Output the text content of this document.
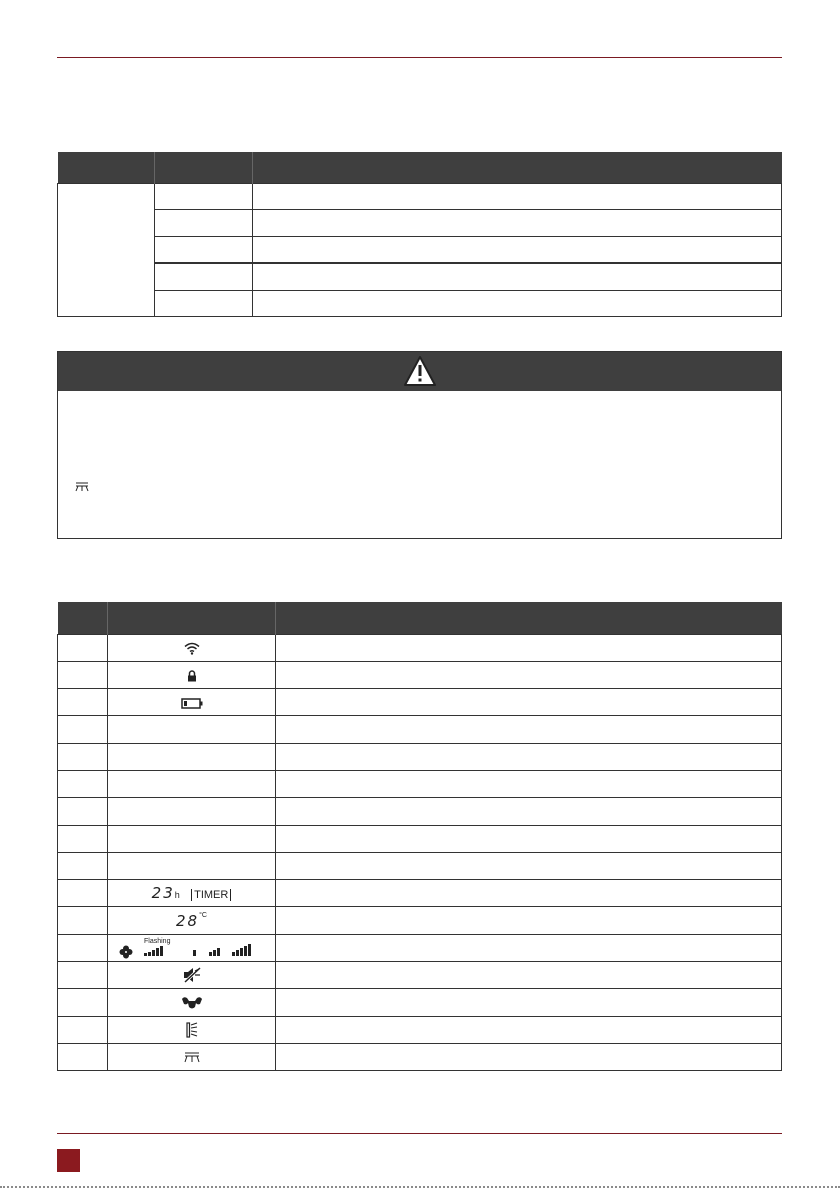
	23h TIMER	
	$28^{^\circ C}$	

Flashing	
